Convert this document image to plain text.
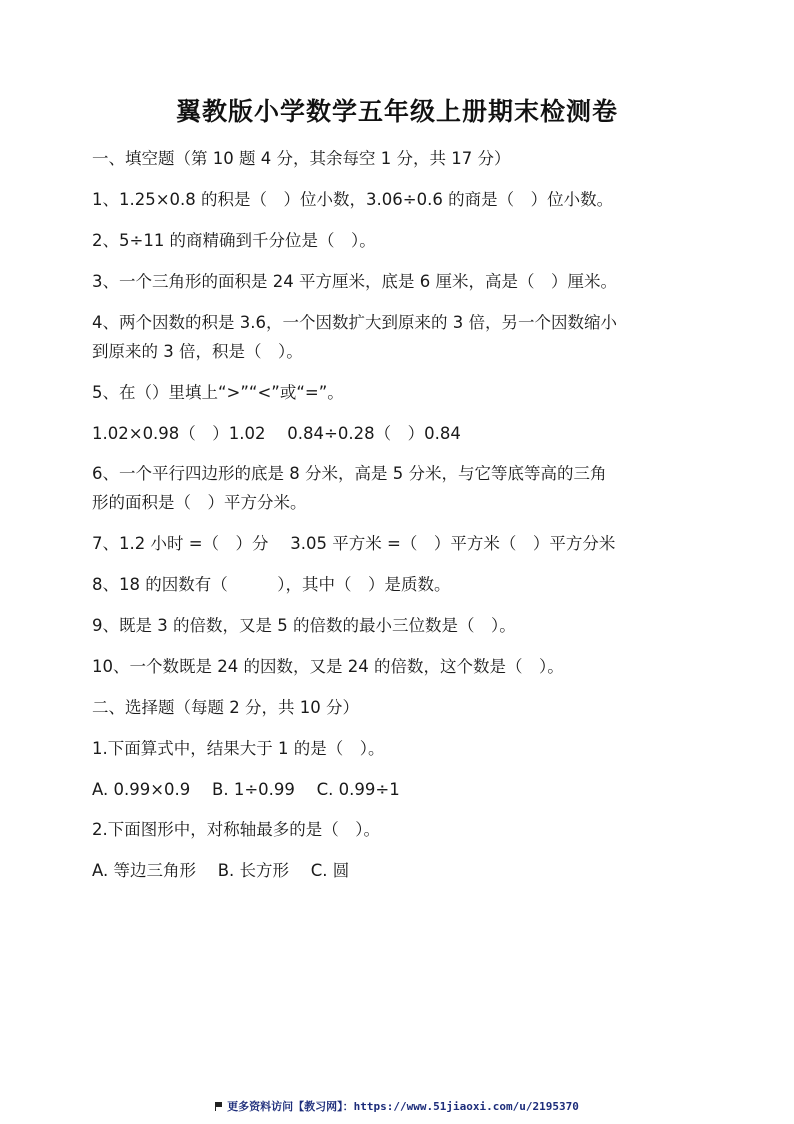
翼教版小学数学五年级上册期末检测卷
一、填空题（第 10 题 4 分，其余每空 1 分，共 17 分）
1、1.25×0.8 的积是（　）位小数，3.06÷0.6 的商是（　）位小数。
2、5÷11 的商精确到千分位是（　）。
3、一个三角形的面积是 24 平方厘米，底是 6 厘米，高是（　）厘米。
4、两个因数的积是 3.6，一个因数扩大到原来的 3 倍，另一个因数缩小
到原来的 3 倍，积是（　）。
5、在（）里填上“>”“<”或“=”。
1.02×0.98（　）1.02　 0.84÷0.28（　）0.84
6、一个平行四边形的底是 8 分米，高是 5 分米，与它等底等高的三角
形的面积是（　）平方分米。
7、1.2 小时 =（　）分　 3.05 平方米 =（　）平方米（　）平方分米
8、18 的因数有（　　　），其中（　）是质数。
9、既是 3 的倍数，又是 5 的倍数的最小三位数是（　）。
10、一个数既是 24 的因数，又是 24 的倍数，这个数是（　）。
二、选择题（每题 2 分，共 10 分）
1.下面算式中，结果大于 1 的是（　）。
A. 0.99×0.9　 B. 1÷0.99　 C. 0.99÷1
2.下面图形中，对称轴最多的是（　）。
A. 等边三角形　 B. 长方形　 C. 圆
更多资料访问【教习网】：https://www.51jiaoxi.com/u/2195370
